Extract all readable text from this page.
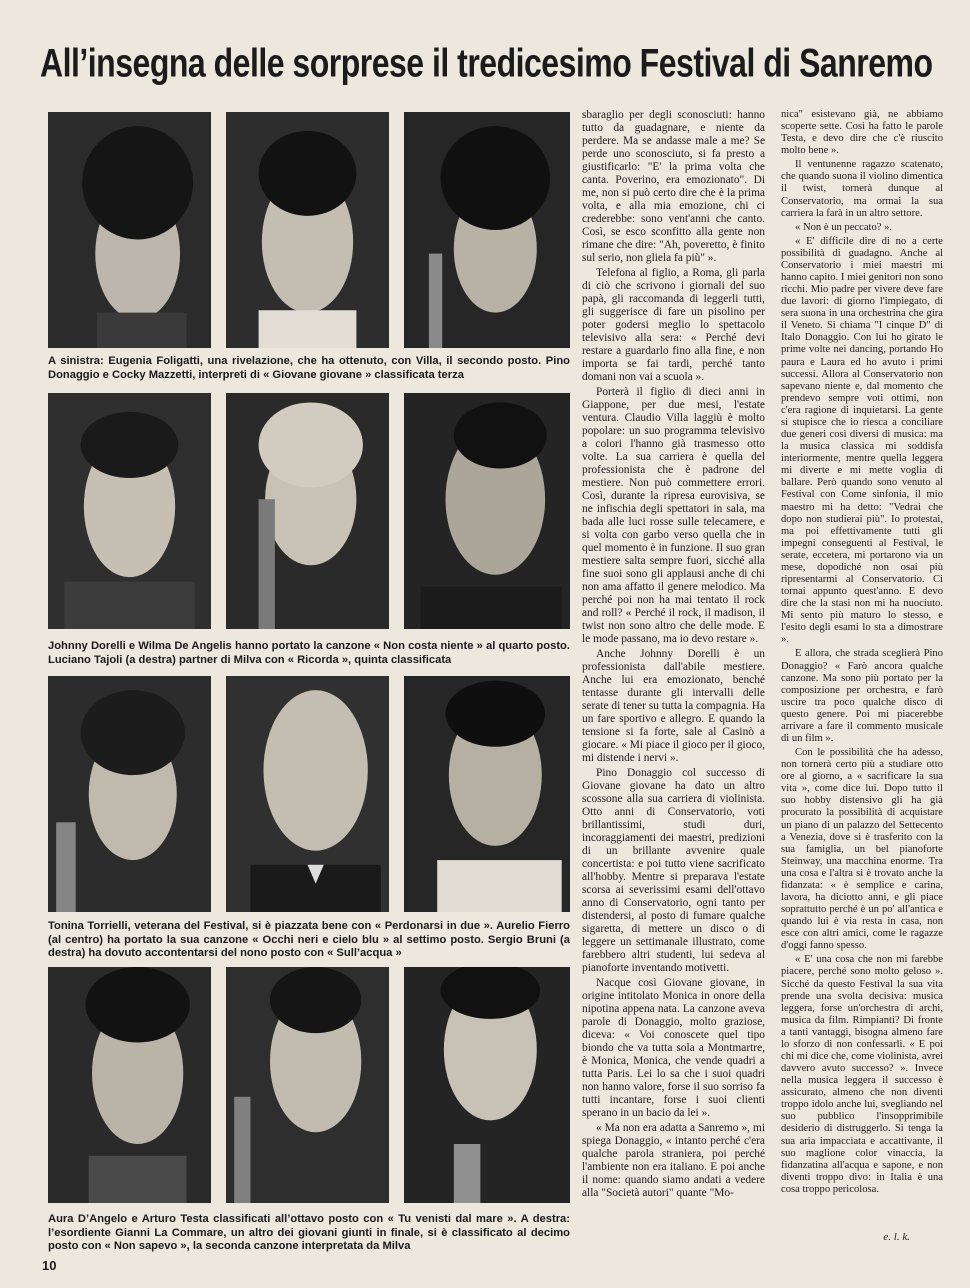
All’insegna delle sorprese il tredicesimo Festival di Sanremo
A sinistra: Eugenia Foligatti, una rivelazione, che ha ottenuto, con Villa, il secondo posto. Pino Donaggio e Cocky Mazzetti, interpreti di « Giovane giovane » classificata terza
Johnny Dorelli e Wilma De Angelis hanno portato la canzone « Non costa niente » al quarto posto. Luciano Tajoli (a destra) partner di Milva con « Ricorda », quinta classificata
Tonina Torrielli, veterana del Festival, si è piazzata bene con « Perdonarsi in due ». Aurelio Fierro (al centro) ha portato la sua canzone « Occhi neri e cielo blu » al settimo posto. Sergio Bruni (a destra) ha dovuto accontentarsi del nono posto con « Sull’acqua »
Aura D’Angelo e Arturo Testa classificati all’ottavo posto con « Tu venisti dal mare ». A destra: l’esordiente Gianni La Commare, un altro dei giovani giunti in finale, si è classificato al decimo posto con « Non sapevo », la seconda canzone interpretata da Milva

sbaraglio per degli sconosciuti: hanno tutto da guadagnare, e niente da perdere. Ma se andasse male a me? Se perde uno sconosciuto, si fa presto a giustificarlo: "E' la prima volta che canta. Poverino, era emozionato". Di me, non si può certo dire che è la prima volta, e alla mia emozione, chi ci crederebbe: sono vent'anni che canto. Così, se esco sconfitto alla gente non rimane che dire: "Ah, poveretto, è finito sul serio, non gliela fa più" ».

Telefona al figlio, a Roma, gli parla di ciò che scrivono i giornali del suo papà, gli raccomanda di leggerli tutti, gli suggerisce di fare un pisolino per poter godersi meglio lo spettacolo televisivo alla sera: « Perché devi restare a guardarlo fino alla fine, e non importa se fai tardi, perché tanto domani non vai a scuola ».

Porterà il figlio di dieci anni in Giappone, per due mesi, l'estate ventura. Claudio Villa laggiù è molto popolare: un suo programma televisivo a colori l'hanno già trasmesso otto volte. La sua carriera è quella del professionista che è padrone del mestiere. Non può commettere errori. Così, durante la ripresa eurovisiva, se ne infischia degli spettatori in sala, ma bada alle luci rosse sulle telecamere, e si volta con garbo verso quella che in quel momento è in funzione. Il suo gran mestiere salta sempre fuori, sicché alla fine suoi sono gli applausi anche di chi non ama affatto il genere melodico. Ma perché poi non ha mai tentato il rock and roll? « Perché il rock, il madison, il twist non sono altro che delle mode. E le mode passano, ma io devo restare ».

Anche Johnny Dorelli è un professionista dall'abile mestiere. Anche lui era emozionato, benché tentasse durante gli intervalli delle serate di tener su tutta la compagnia. Ha un fare sportivo e allegro. E quando la tensione si fa forte, sale al Casinò a giocare. « Mi piace il gioco per il gioco, mi distende i nervi ».

Pino Donaggio col successo di Giovane giovane ha dato un altro scossone alla sua carriera di violinista. Otto anni di Conservatorio, voti brillantissimi, studi duri, incoraggiamenti dei maestri, predizioni di un brillante avvenire quale concertista: e poi tutto viene sacrificato all'hobby. Mentre si preparava l'estate scorsa ai severissimi esami dell'ottavo anno di Conservatorio, ogni tanto per distendersi, al posto di fumare qualche sigaretta, di mettere un disco o di leggere un settimanale illustrato, come farebbero altri studenti, lui sedeva al pianoforte inventando motivetti.

Nacque così Giovane giovane, in origine intitolato Monica in onore della nipotina appena nata. La canzone aveva parole di Donaggio, molto graziose, diceva: « Voi conoscete quel tipo biondo che va tutta sola a Montmartre, è Monica, Monica, che vende quadri a tutta Paris. Lei lo sa che i suoi quadri non hanno valore, forse il suo sorriso fa tutti incantare, forse i suoi clienti sperano in un bacio da lei ».

« Ma non era adatta a Sanremo », mi spiega Donaggio, « intanto perché c'era qualche parola straniera, poi perché l'ambiente non era italiano. E poi anche il nome: quando siamo andati a vedere alla "Società autori" quante "Mo-

nica" esistevano già, ne abbiamo scoperte sette. Così ha fatto le parole Testa, e devo dire che c'è riuscito molto bene ».

Il ventunenne ragazzo scatenato, che quando suona il violino dimentica il twist, tornerà dunque al Conservatorio, ma ormai la sua carriera la farà in un altro settore.

« Non è un peccato? ».

« E' difficile dire di no a certe possibilità di guadagno. Anche al Conservatorio i miei maestri mi hanno capito. I miei genitori non sono ricchi. Mio padre per vivere deve fare due lavori: di giorno l'impiegato, di sera suona in una orchestrina che gira il Veneto. Si chiama "I cinque D" di Italo Donaggio. Con lui ho girato le prime volte nei dancing, portando Ho paura e Laura ed ho avuto i primi successi. Allora al Conservatorio non sapevano niente e, dal momento che prendevo sempre voti ottimi, non c'era ragione di inquietarsi. La gente si stupisce che io riesca a conciliare due generi così diversi di musica: ma la musica classica mi soddisfa interiormente, mentre quella leggera mi diverte e mi mette voglia di ballare. Però quando sono venuto al Festival con Come sinfonia, il mio maestro mi ha detto: "Vedrai che dopo non studierai più". Io protestai, ma poi effettivamente tutti gli impegni conseguenti al Festival, le serate, eccetera, mi portarono via un mese, dopodiché non osai più ripresentarmi al Conservatorio. Ci tornai appunto quest'anno. E devo dire che la stasi non mi ha nuociuto. Mi sento più maturo lo stesso, e l'esito degli esami lo sta a dimostrare ».

E allora, che strada sceglierà Pino Donaggio? « Farò ancora qualche canzone. Ma sono più portato per la composizione per orchestra, e farò uscire tra poco qualche disco di questo genere. Poi mi piacerebbe arrivare a fare il commento musicale di un film ».

Con le possibilità che ha adesso, non tornerà certo più a studiare otto ore al giorno, a « sacrificare la sua vita », come dice lui. Dopo tutto il suo hobby distensivo gli ha già procurato la possibilità di acquistare un piano di un palazzo del Settecento a Venezia, dove si è trasferito con la sua famiglia, un bel pianoforte Steinway, una macchina enorme. Tra una cosa e l'altra si è trovato anche la fidanzata: « è semplice e carina, lavora, ha diciotto anni, e gli piace soprattutto perché è un po' all'antica e quando lui è via resta in casa, non esce con altri amici, come le ragazze d'oggi fanno spesso.

« E' una cosa che non mi farebbe piacere, perché sono molto geloso ». Sicché da questo Festival la sua vita prende una svolta decisiva: musica leggera, forse un'orchestra di archi, musica da film. Rimpianti? Di fronte a tanti vantaggi, bisogna almeno fare lo sforzo di non confessarli. « E poi chi mi dice che, come violinista, avrei davvero avuto successo? ». Invece nella musica leggera il successo è assicurato, almeno che non diventi troppo idolo anche lui, svegliando nel suo pubblico l'insopprimibile desiderio di distruggerlo. Si tenga la sua aria impacciata e accattivante, il suo maglione color vinaccia, la fidanzatina all'acqua e sapone, e non diventi troppo divo: in Italia è una cosa troppo pericolosa.

e. l. k.
10
